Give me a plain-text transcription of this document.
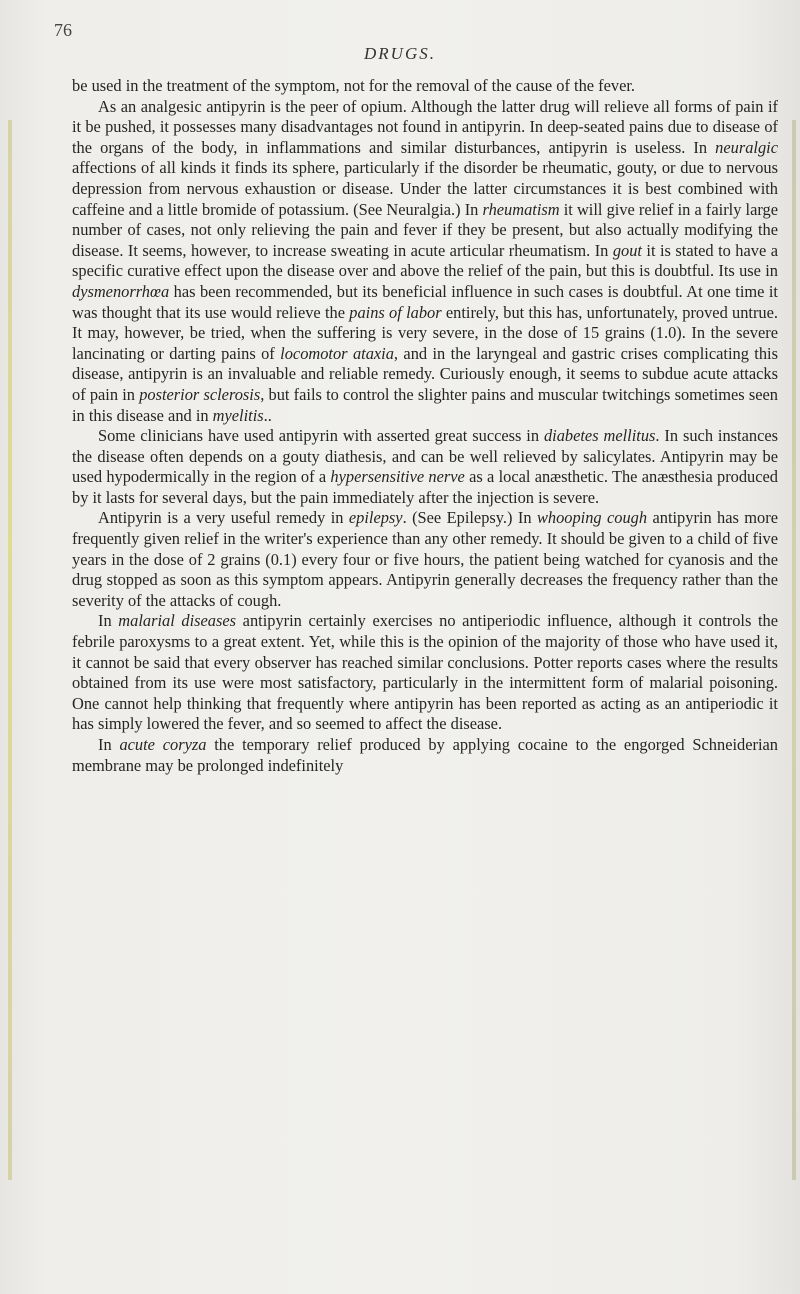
76
DRUGS.

be used in the treatment of the symptom, not for the removal of the cause of the fever.

As an analgesic antipyrin is the peer of opium. Although the latter drug will relieve all forms of pain if it be pushed, it possesses many disadvantages not found in antipyrin. In deep-seated pains due to disease of the organs of the body, in inflammations and similar disturbances, antipyrin is useless. In neuralgic affections of all kinds it finds its sphere, particularly if the disorder be rheumatic, gouty, or due to nervous depression from nervous exhaustion or disease. Under the latter circumstances it is best combined with caffeine and a little bromide of potassium. (See Neuralgia.) In rheumatism it will give relief in a fairly large number of cases, not only relieving the pain and fever if they be present, but also actually modifying the disease. It seems, however, to increase sweating in acute articular rheumatism. In gout it is stated to have a specific curative effect upon the disease over and above the relief of the pain, but this is doubtful. Its use in dysmenorrhœa has been recommended, but its beneficial influence in such cases is doubtful. At one time it was thought that its use would relieve the pains of labor entirely, but this has, unfortunately, proved untrue. It may, however, be tried, when the suffering is very severe, in the dose of 15 grains (1.0). In the severe lancinating or darting pains of locomotor ataxia, and in the laryngeal and gastric crises complicating this disease, antipyrin is an invaluable and reliable remedy. Curiously enough, it seems to subdue acute attacks of pain in posterior sclerosis, but fails to control the slighter pains and muscular twitchings sometimes seen in this disease and in myelitis..

Some clinicians have used antipyrin with asserted great success in diabetes mellitus. In such instances the disease often depends on a gouty diathesis, and can be well relieved by salicylates. Antipyrin may be used hypodermically in the region of a hypersensitive nerve as a local anæsthetic. The anæsthesia produced by it lasts for several days, but the pain immediately after the injection is severe.

Antipyrin is a very useful remedy in epilepsy. (See Epilepsy.) In whooping cough antipyrin has more frequently given relief in the writer's experience than any other remedy. It should be given to a child of five years in the dose of 2 grains (0.1) every four or five hours, the patient being watched for cyanosis and the drug stopped as soon as this symptom appears. Antipyrin generally decreases the frequency rather than the severity of the attacks of cough.

In malarial diseases antipyrin certainly exercises no antiperiodic influence, although it controls the febrile paroxysms to a great extent. Yet, while this is the opinion of the majority of those who have used it, it cannot be said that every observer has reached similar conclusions. Potter reports cases where the results obtained from its use were most satisfactory, particularly in the intermittent form of malarial poisoning. One cannot help thinking that frequently where antipyrin has been reported as acting as an antiperiodic it has simply lowered the fever, and so seemed to affect the disease.

In acute coryza the temporary relief produced by applying cocaine to the engorged Schneiderian membrane may be prolonged indefinitely
